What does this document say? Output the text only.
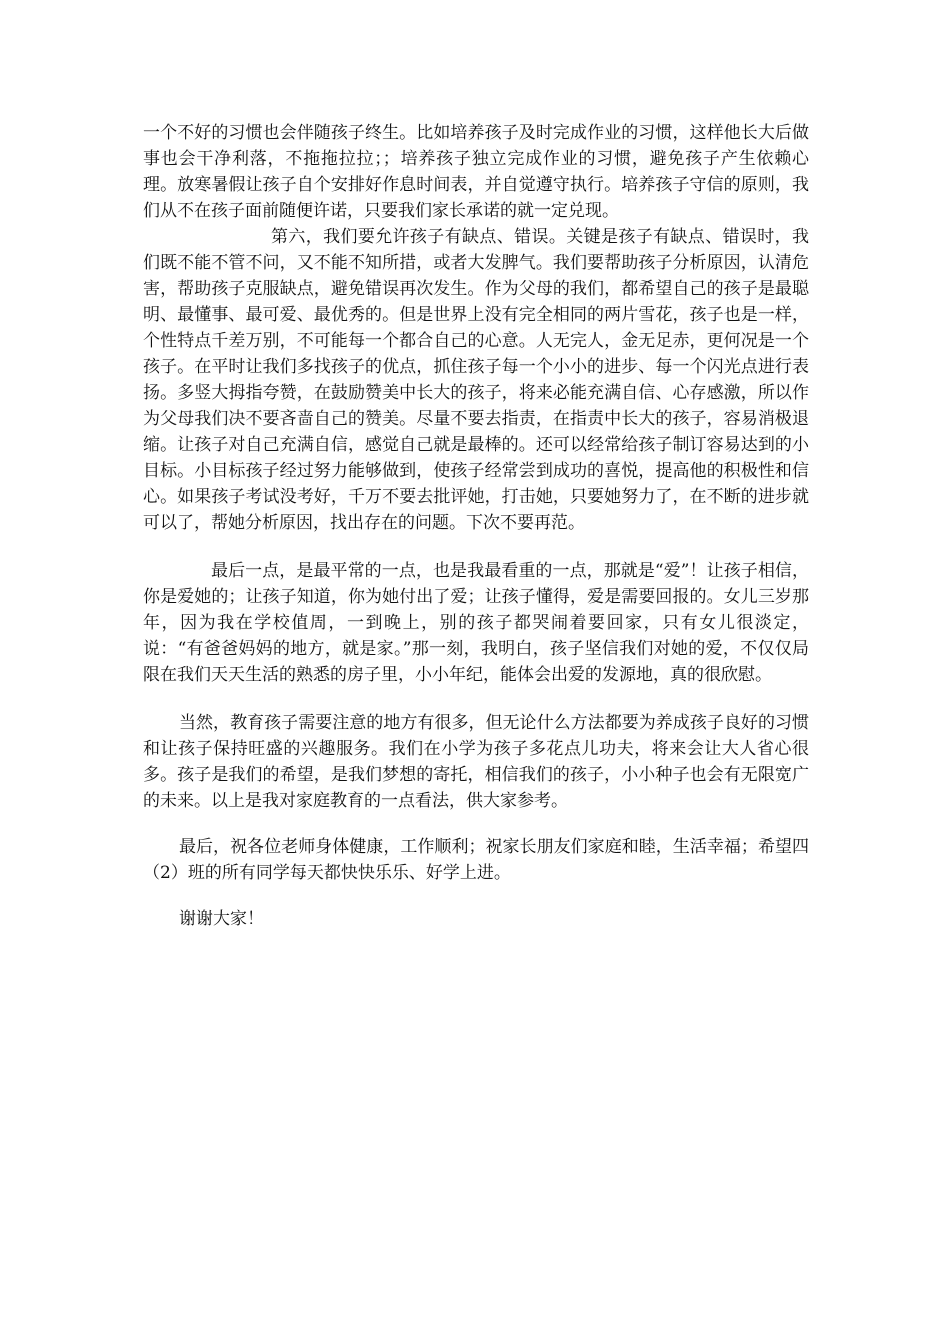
一个不好的习惯也会伴随孩子终生。比如培养孩子及时完成作业的习惯，这样他长大后做事也会干净利落，不拖拖拉拉；；培养孩子独立完成作业的习惯，避免孩子产生依赖心理。放寒暑假让孩子自个安排好作息时间表，并自觉遵守执行。培养孩子守信的原则，我们从不在孩子面前随便许诺，只要我们家长承诺的就一定兑现。

第六，我们要允许孩子有缺点、错误。关键是孩子有缺点、错误时，我们既不能不管不问，又不能不知所措，或者大发脾气。我们要帮助孩子分析原因，认清危害，帮助孩子克服缺点，避免错误再次发生。作为父母的我们，都希望自己的孩子是最聪明、最懂事、最可爱、最优秀的。但是世界上没有完全相同的两片雪花，孩子也是一样，个性特点千差万别，不可能每一个都合自己的心意。人无完人，金无足赤，更何况是一个孩子。在平时让我们多找孩子的优点，抓住孩子每一个小小的进步、每一个闪光点进行表扬。多竖大拇指夸赞，在鼓励赞美中长大的孩子，将来必能充满自信、心存感激，所以作为父母我们决不要吝啬自己的赞美。尽量不要去指责，在指责中长大的孩子，容易消极退缩。让孩子对自己充满自信，感觉自己就是最棒的。还可以经常给孩子制订容易达到的小目标。小目标孩子经过努力能够做到，使孩子经常尝到成功的喜悦，提高他的积极性和信心。如果孩子考试没考好，千万不要去批评她，打击她，只要她努力了，在不断的进步就可以了，帮她分析原因，找出存在的问题。下次不要再范。

最后一点，是最平常的一点，也是我最看重的一点，那就是“爱”！让孩子相信，你是爱她的；让孩子知道，你为她付出了爱；让孩子懂得，爱是需要回报的。女儿三岁那年，因为我在学校值周，一到晚上，别的孩子都哭闹着要回家，只有女儿很淡定，说：“有爸爸妈妈的地方，就是家。”那一刻，我明白，孩子坚信我们对她的爱，不仅仅局限在我们天天生活的熟悉的房子里，小小年纪，能体会出爱的发源地，真的很欣慰。

当然，教育孩子需要注意的地方有很多，但无论什么方法都要为养成孩子良好的习惯和让孩子保持旺盛的兴趣服务。我们在小学为孩子多花点儿功夫，将来会让大人省心很多。孩子是我们的希望，是我们梦想的寄托，相信我们的孩子，小小种子也会有无限宽广的未来。以上是我对家庭教育的一点看法，供大家参考。

最后，祝各位老师身体健康，工作顺利；祝家长朋友们家庭和睦，生活幸福；希望四（2）班的所有同学每天都快快乐乐、好学上进。

谢谢大家！
